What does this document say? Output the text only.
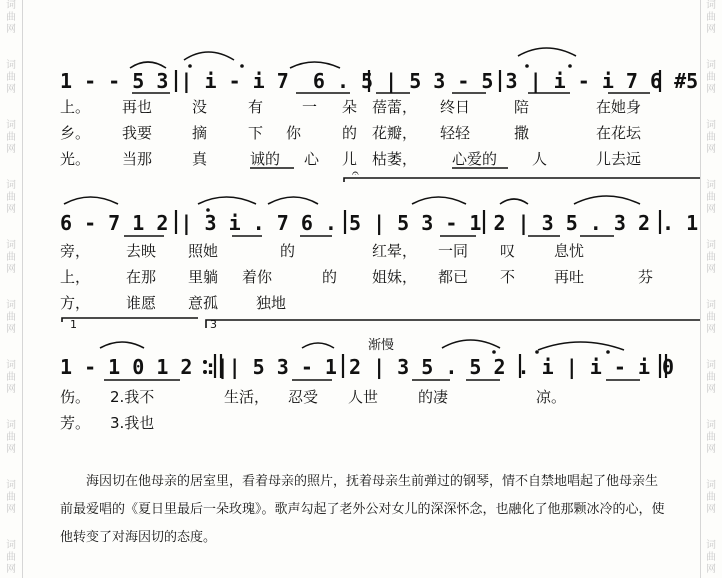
词
曲
网
词
曲
网
词
曲
网
词
曲
网
词
曲
网
词
曲
网
词
曲
网
词
曲
网
词
曲
网
词
曲
网
词
曲
网
词
曲
网
词
曲
网
词
曲
网
词
曲
网
词
曲
网
词
曲
网
词
曲
网
词
曲
网
词
曲
网
1 - - 5 3 | i - i 7  6 . 5 | 5 3 - 5 3 | i - i 7 6 #5
6 - 7 1 2 | 3 i . 7 6 . 5 | 5 3 - 1 2 | 3 5 . 3 2 . 1
1 - 1 0 1 2 :|| 5 3 - 1 2 | 3 5 . 5 2 . i | i - i 0
上。 再也	没	有	一 朵 蓓蕾， 终日	陪	在她身
乡。 我要	摘	下 你	的 花瓣， 轻轻	撒	在花坛
光。 当那	真	诚的 心 儿 枯萎， 心爱的 人	儿去远
旁， 去映 照她	的	红晕， 一同 叹	息忧
上， 在那 里躺 着你	的 姐妹， 都已 不	再吐	芬
方， 谁愿 意孤	独地
伤。 2.我不	生活， 忍受 人世	的凄	凉。
芳。 3.我也
1	3
渐慢
𝄐
海因切在他母亲的居室里，看着母亲的照片，抚着母亲生前弹过的钢琴，情不自禁地唱起了他母亲生前最爱唱的《夏日里最后一朵玫瑰》。歌声勾起了老外公对女儿的深深怀念，也融化了他那颗冰冷的心，使他转变了对海因切的态度。
